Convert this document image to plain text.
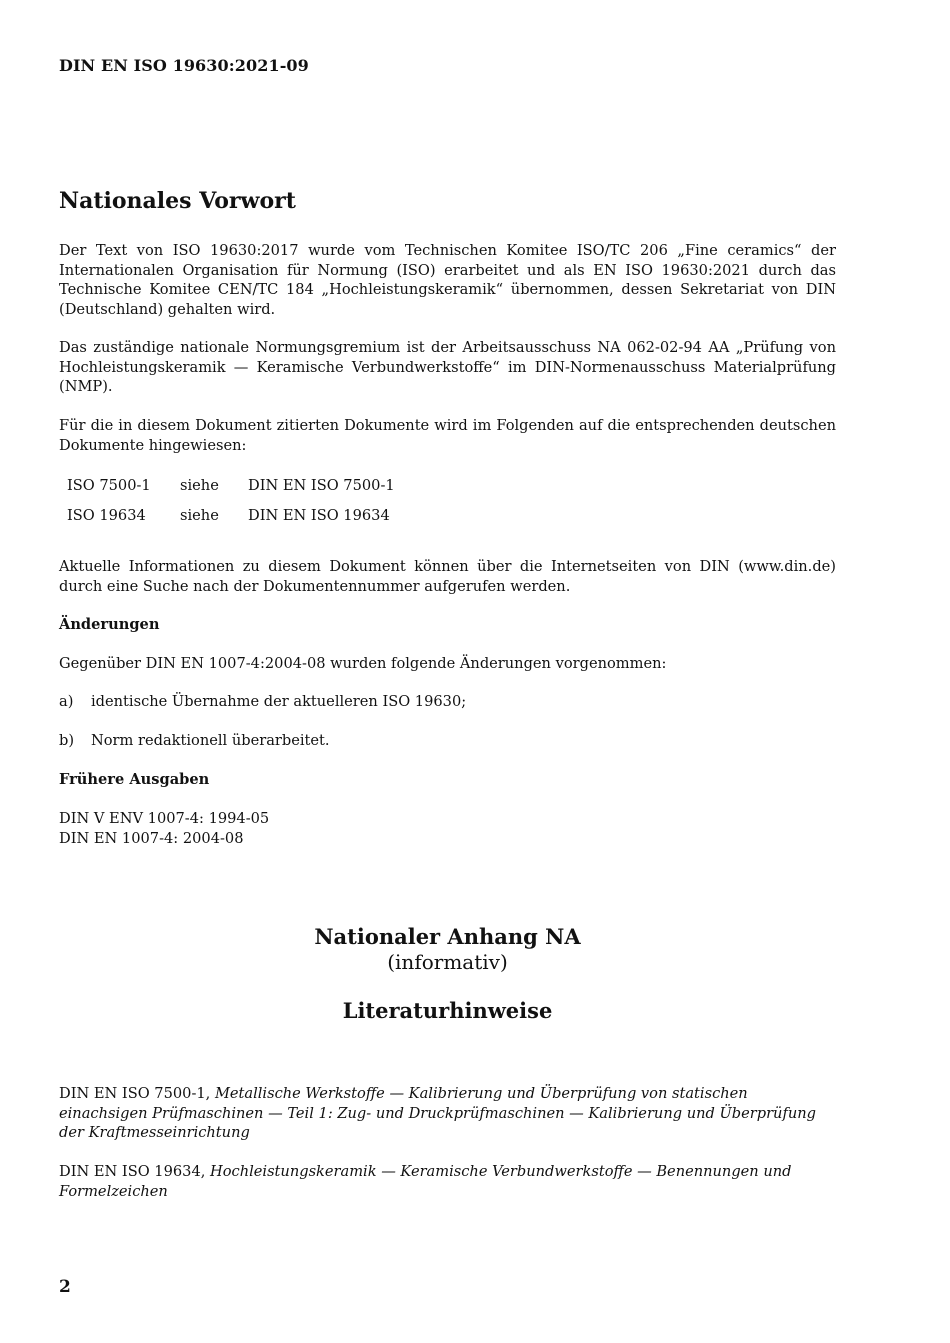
DIN EN ISO 19630:2021-09
Nationales Vorwort

Der Text von ISO 19630:2017 wurde vom Technischen Komitee ISO/TC 206 „Fine ceramics“ der Internationalen Organisation für Normung (ISO) erarbeitet und als EN ISO 19630:2021 durch das Technische Komitee CEN/TC 184 „Hochleistungskeramik“ übernommen, dessen Sekretariat von DIN (Deutschland) gehalten wird.

Das zuständige nationale Normungsgremium ist der Arbeitsausschuss NA 062-02-94 AA „Prüfung von Hochleistungskeramik — Keramische Verbundwerkstoffe“ im DIN-Normenausschuss Materialprüfung (NMP).

Für die in diesem Dokument zitierten Dokumente wird im Folgenden auf die entsprechenden deutschen Dokumente hingewiesen:

ISO 7500-1	siehe	DIN EN ISO 7500-1
ISO 19634	siehe	DIN EN ISO 19634

Aktuelle Informationen zu diesem Dokument können über die Internetseiten von DIN (www.din.de) durch eine Suche nach der Dokumentennummer aufgerufen werden.

Änderungen
Gegenüber DIN EN 1007-4:2004-08 wurden folgende Änderungen vorgenommen:
a) identische Übernahme der aktuelleren ISO 19630;
b) Norm redaktionell überarbeitet.
Frühere Ausgaben
DIN V ENV 1007-4: 1994-05
DIN EN 1007-4: 2004-08
Nationaler Anhang NA
(informativ)
Literaturhinweise

DIN EN ISO 7500-1, Metallische Werkstoffe — Kalibrierung und Überprüfung von statischen einachsigen Prüfmaschinen — Teil 1: Zug- und Druckprüfmaschinen — Kalibrierung und Überprüfung der Kraftmesseinrichtung

DIN EN ISO 19634, Hochleistungskeramik — Keramische Verbundwerkstoffe — Benennungen und Formelzeichen

2
